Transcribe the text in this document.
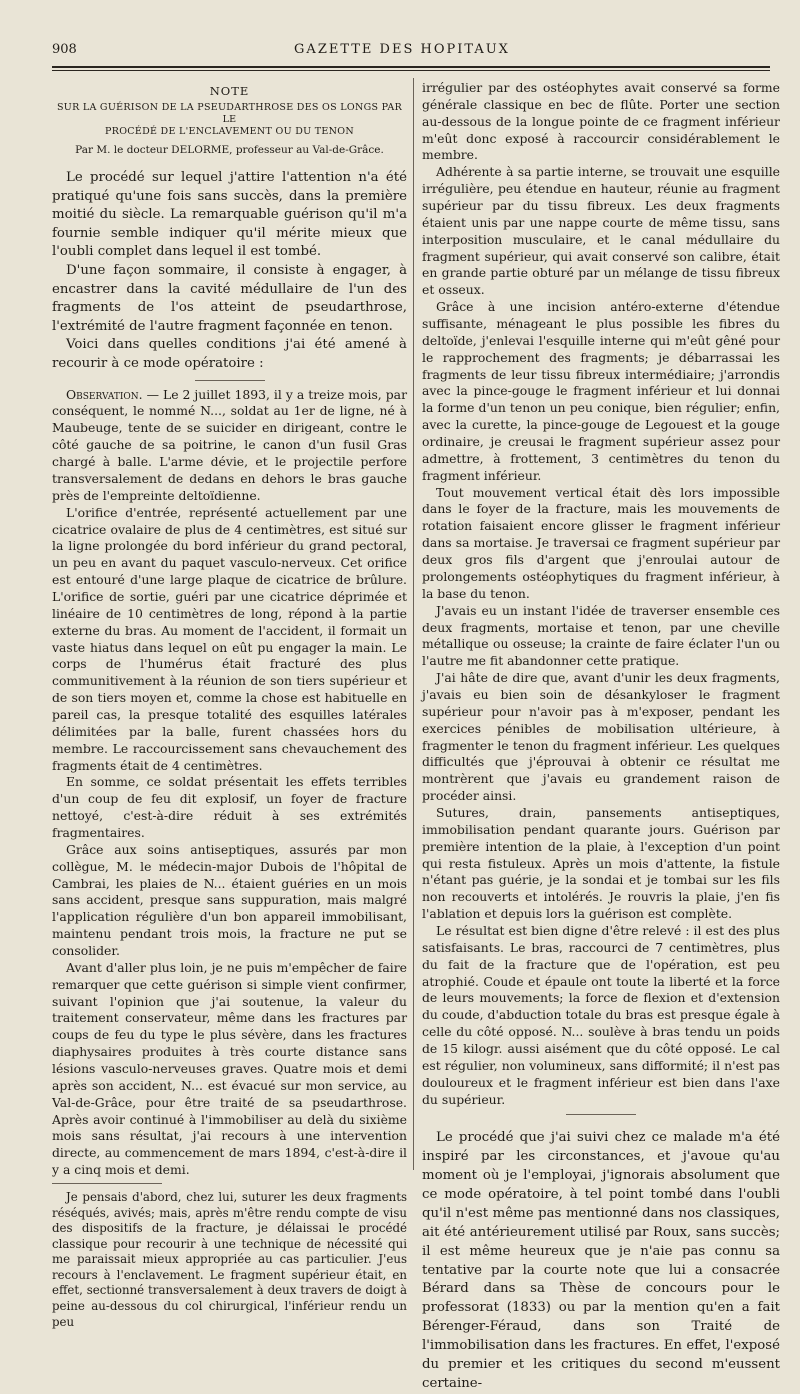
908	GAZETTE DES HOPITAUX
NOTE

SUR LA GUÉRISON DE LA PSEUDARTHROSE DES OS LONGS PAR LE

PROCÉDÉ DE L'ENCLAVEMENT OU DU TENON

Par M. le docteur DELORME, professeur au Val-de-Grâce.

Le procédé sur lequel j'attire l'attention n'a été pratiqué qu'une fois sans succès, dans la première moitié du siècle. La remarquable guérison qu'il m'a fournie semble indiquer qu'il mérite mieux que l'oubli complet dans lequel il est tombé.

D'une façon sommaire, il consiste à engager, à encastrer dans la cavité médullaire de l'un des fragments de l'os atteint de pseudarthrose, l'extrémité de l'autre fragment façonnée en tenon.

Voici dans quelles conditions j'ai été amené à recourir à ce mode opératoire :

Observation. — Le 2 juillet 1893, il y a treize mois, par conséquent, le nommé N..., soldat au 1er de ligne, né à Maubeuge, tente de se suicider en dirigeant, contre le côté gauche de sa poitrine, le canon d'un fusil Gras chargé à balle. L'arme dévie, et le projectile perfore transversalement de dedans en dehors le bras gauche près de l'empreinte deltoïdienne.

L'orifice d'entrée, représenté actuellement par une cicatrice ovalaire de plus de 4 centimètres, est situé sur la ligne prolongée du bord inférieur du grand pectoral, un peu en avant du paquet vasculo-nerveux. Cet orifice est entouré d'une large plaque de cicatrice de brûlure. L'orifice de sortie, guéri par une cicatrice déprimée et linéaire de 10 centimètres de long, répond à la partie externe du bras. Au moment de l'accident, il formait un vaste hiatus dans lequel on eût pu engager la main. Le corps de l'humérus était fracturé des plus communitivement à la réunion de son tiers supérieur et de son tiers moyen et, comme la chose est habituelle en pareil cas, la presque totalité des esquilles latérales délimitées par la balle, furent chassées hors du membre. Le raccourcissement sans chevauchement des fragments était de 4 centimètres.

En somme, ce soldat présentait les effets terribles d'un coup de feu dit explosif, un foyer de fracture nettoyé, c'est-à-dire réduit à ses extrémités fragmentaires.

Grâce aux soins antiseptiques, assurés par mon collègue, M. le médecin-major Dubois de l'hôpital de Cambrai, les plaies de N... étaient guéries en un mois sans accident, presque sans suppuration, mais malgré l'application régulière d'un bon appareil immobilisant, maintenu pendant trois mois, la fracture ne put se consolider.

Avant d'aller plus loin, je ne puis m'empêcher de faire remarquer que cette guérison si simple vient confirmer, suivant l'opinion que j'ai soutenue, la valeur du traitement conservateur, même dans les fractures par coups de feu du type le plus sévère, dans les fractures diaphysaires produites à très courte distance sans lésions vasculo-nerveuses graves. Quatre mois et demi après son accident, N... est évacué sur mon service, au Val-de-Grâce, pour être traité de sa pseudarthrose. Après avoir continué à l'immobiliser au delà du sixième mois sans résultat, j'ai recours à une intervention directe, au commencement de mars 1894, c'est-à-dire il y a cinq mois et demi.

Je pensais d'abord, chez lui, suturer les deux fragments réséqués, avivés; mais, après m'être rendu compte de visu des dispositifs de la fracture, je délaissai le procédé classique pour recourir à une technique de nécessité qui me paraissait mieux appropriée au cas particulier. J'eus recours à l'enclavement. Le fragment supérieur était, en effet, sectionné transversalement à deux travers de doigt à peine au-dessous du col chirurgical, l'inférieur rendu un peu

irrégulier par des ostéophytes avait conservé sa forme générale classique en bec de flûte. Porter une section au-dessous de la longue pointe de ce fragment inférieur m'eût donc exposé à raccourcir considérablement le membre.

Adhérente à sa partie interne, se trouvait une esquille irrégulière, peu étendue en hauteur, réunie au fragment supérieur par du tissu fibreux. Les deux fragments étaient unis par une nappe courte de même tissu, sans interposition musculaire, et le canal médullaire du fragment supérieur, qui avait conservé son calibre, était en grande partie obturé par un mélange de tissu fibreux et osseux.

Grâce à une incision antéro-externe d'étendue suffisante, ménageant le plus possible les fibres du deltoïde, j'enlevai l'esquille interne qui m'eût gêné pour le rapprochement des fragments; je débarrassai les fragments de leur tissu fibreux intermédiaire; j'arrondis avec la pince-gouge le fragment inférieur et lui donnai la forme d'un tenon un peu conique, bien régulier; enfin, avec la curette, la pince-gouge de Legouest et la gouge ordinaire, je creusai le fragment supérieur assez pour admettre, à frottement, 3 centimètres du tenon du fragment inférieur.

Tout mouvement vertical était dès lors impossible dans le foyer de la fracture, mais les mouvements de rotation faisaient encore glisser le fragment inférieur dans sa mortaise. Je traversai ce fragment supérieur par deux gros fils d'argent que j'enroulai autour de prolongements ostéophytiques du fragment inférieur, à la base du tenon.

J'avais eu un instant l'idée de traverser ensemble ces deux fragments, mortaise et tenon, par une cheville métallique ou osseuse; la crainte de faire éclater l'un ou l'autre me fit abandonner cette pratique.

J'ai hâte de dire que, avant d'unir les deux fragments, j'avais eu bien soin de désankyloser le fragment supérieur pour n'avoir pas à m'exposer, pendant les exercices pénibles de mobilisation ultérieure, à fragmenter le tenon du fragment inférieur. Les quelques difficultés que j'éprouvai à obtenir ce résultat me montrèrent que j'avais eu grandement raison de procéder ainsi.

Sutures, drain, pansements antiseptiques, immobilisation pendant quarante jours. Guérison par première intention de la plaie, à l'exception d'un point qui resta fistuleux. Après un mois d'attente, la fistule n'étant pas guérie, je la sondai et je tombai sur les fils non recouverts et intolérés. Je rouvris la plaie, j'en fis l'ablation et depuis lors la guérison est complète.

Le résultat est bien digne d'être relevé : il est des plus satisfaisants. Le bras, raccourci de 7 centimètres, plus du fait de la fracture que de l'opération, est peu atrophié. Coude et épaule ont toute la liberté et la force de leurs mouvements; la force de flexion et d'extension du coude, d'abduction totale du bras est presque égale à celle du côté opposé. N... soulève à bras tendu un poids de 15 kilogr. aussi aisément que du côté opposé. Le cal est régulier, non volumineux, sans difformité; il n'est pas douloureux et le fragment inférieur est bien dans l'axe du supérieur.

Le procédé que j'ai suivi chez ce malade m'a été inspiré par les circonstances, et j'avoue qu'au moment où je l'employai, j'ignorais absolument que ce mode opératoire, à tel point tombé dans l'oubli qu'il n'est même pas mentionné dans nos classiques, ait été antérieurement utilisé par Roux, sans succès; il est même heureux que je n'aie pas connu sa tentative par la courte note que lui a consacrée Bérard dans sa Thèse de concours pour le professorat (1833) ou par la mention qu'en a fait Bérenger-Féraud, dans son Traité de l'immobilisation dans les fractures. En effet, l'exposé du premier et les critiques du second m'eussent certaine-
